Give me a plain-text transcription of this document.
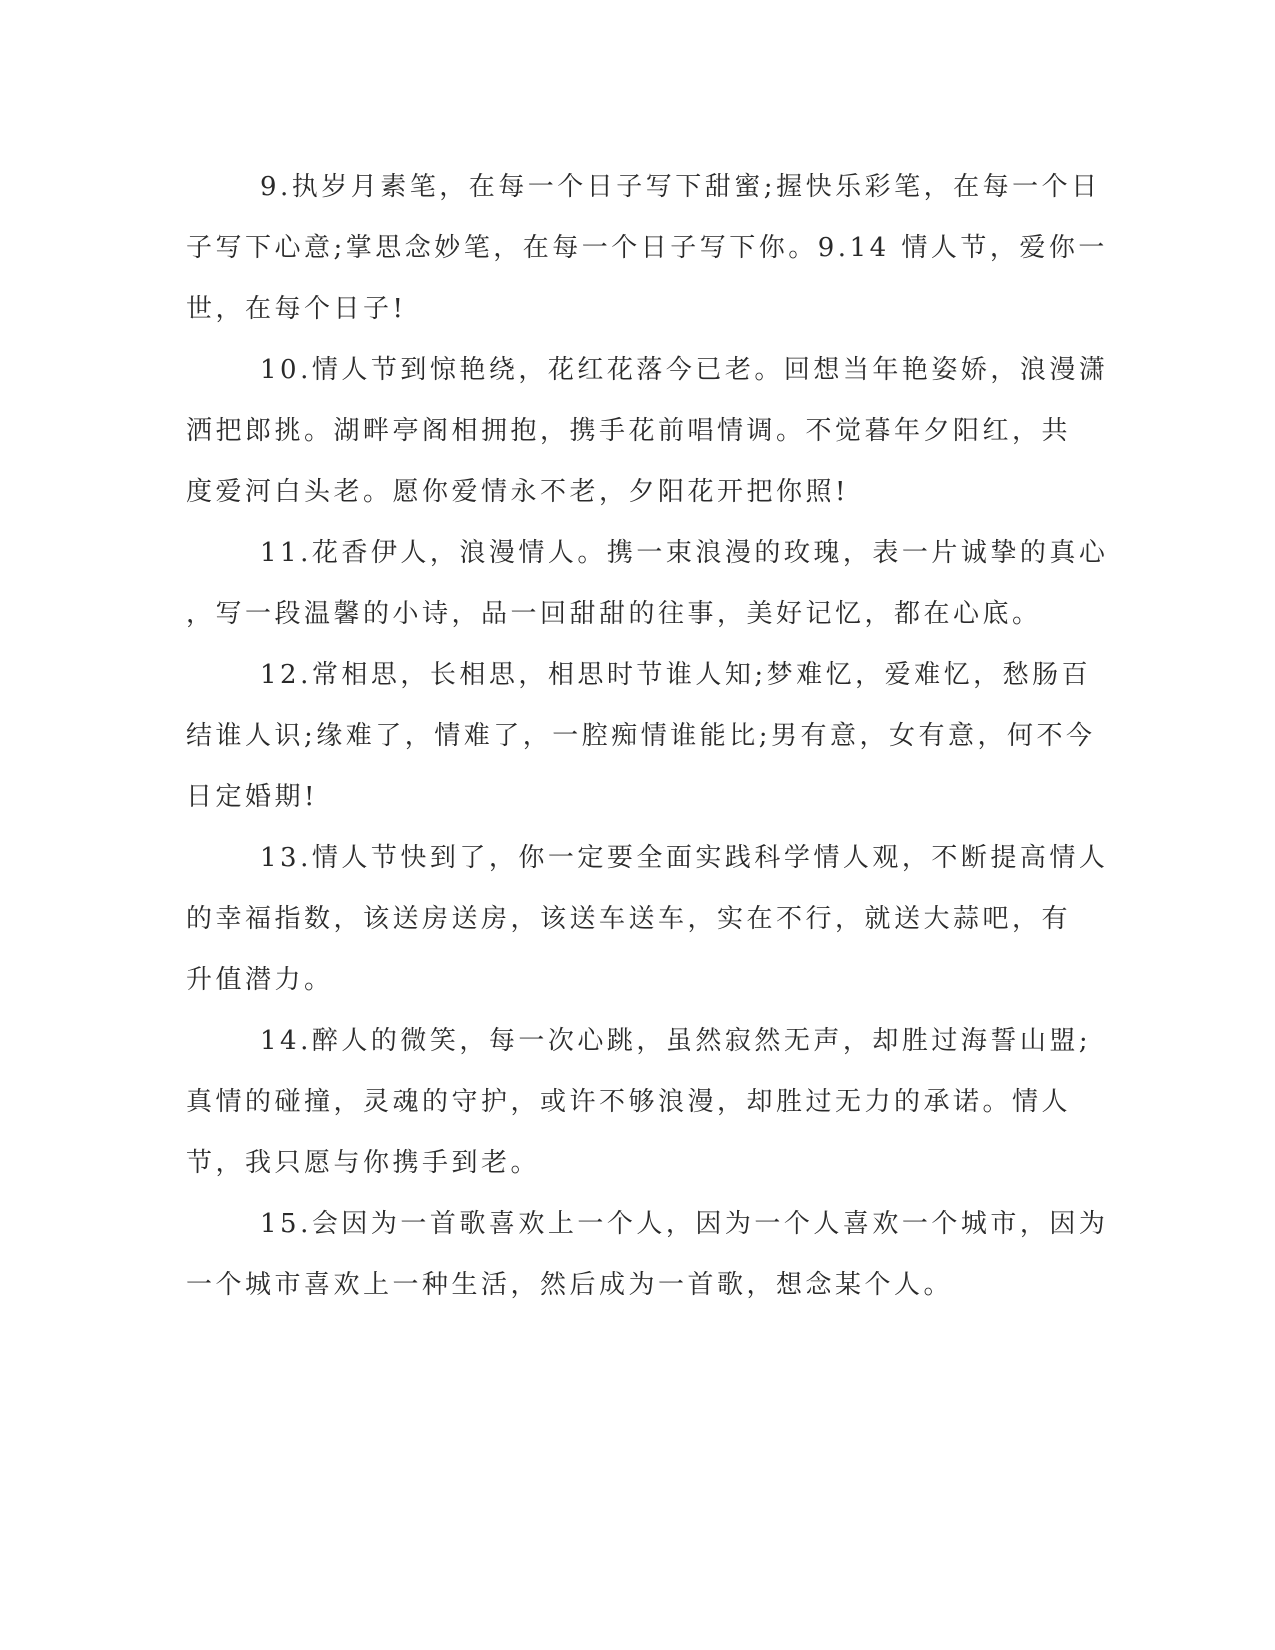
9.执岁月素笔，在每一个日子写下甜蜜;握快乐彩笔，在每一个日
子写下心意;掌思念妙笔，在每一个日子写下你。9.14 情人节，爱你一
世，在每个日子!
10.情人节到惊艳绕，花红花落今已老。回想当年艳姿娇，浪漫潇
洒把郎挑。湖畔亭阁相拥抱，携手花前唱情调。不觉暮年夕阳红，共
度爱河白头老。愿你爱情永不老，夕阳花开把你照!
11.花香伊人，浪漫情人。携一束浪漫的玫瑰，表一片诚挚的真心
，写一段温馨的小诗，品一回甜甜的往事，美好记忆，都在心底。
12.常相思，长相思，相思时节谁人知;梦难忆，爱难忆，愁肠百
结谁人识;缘难了，情难了，一腔痴情谁能比;男有意，女有意，何不今
日定婚期!
13.情人节快到了，你一定要全面实践科学情人观，不断提高情人
的幸福指数，该送房送房，该送车送车，实在不行，就送大蒜吧，有
升值潜力。
14.醉人的微笑，每一次心跳，虽然寂然无声，却胜过海誓山盟;
真情的碰撞，灵魂的守护，或许不够浪漫，却胜过无力的承诺。情人
节，我只愿与你携手到老。
15.会因为一首歌喜欢上一个人，因为一个人喜欢一个城市，因为
一个城市喜欢上一种生活，然后成为一首歌，想念某个人。
